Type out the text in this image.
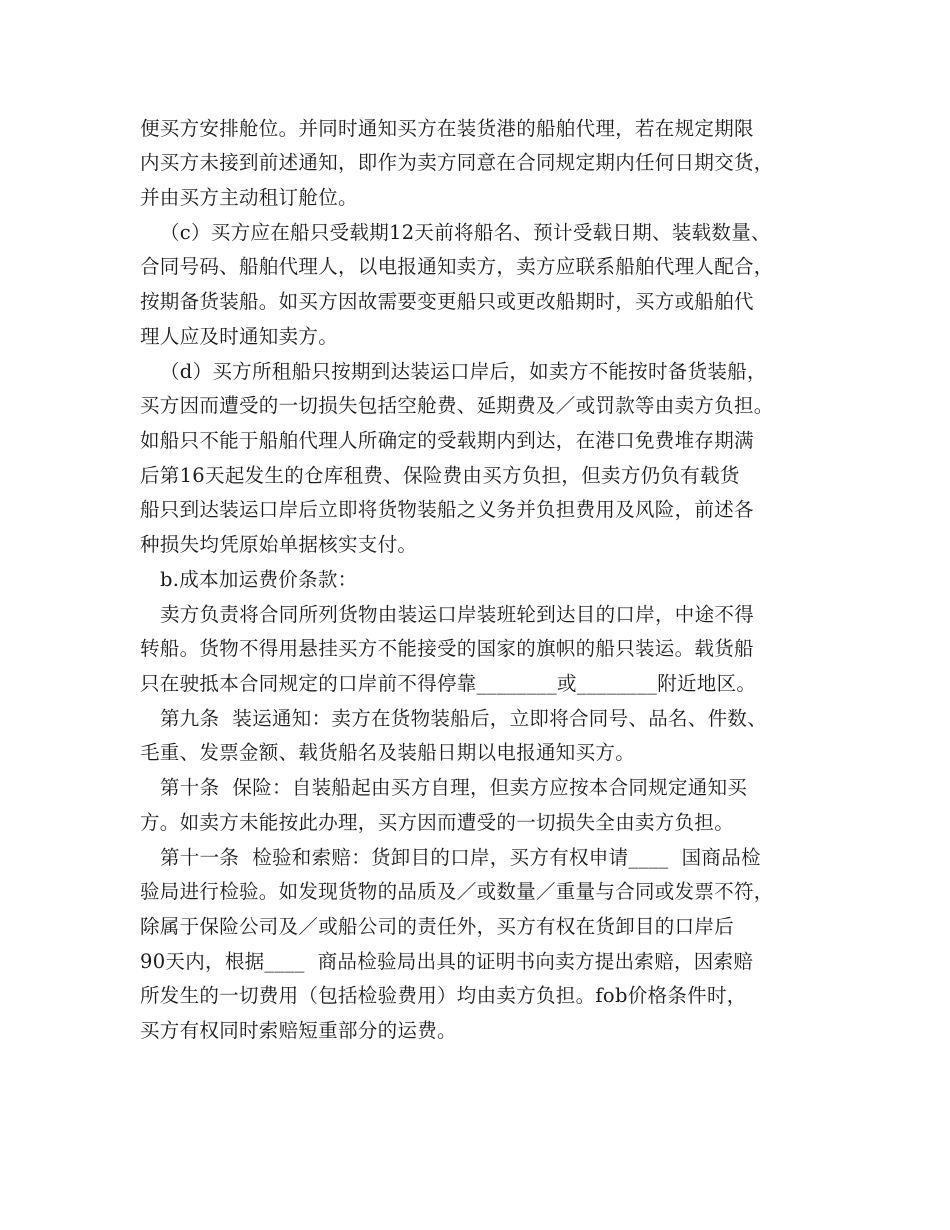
便买方安排舱位。并同时通知买方在装货港的船舶代理，若在规定期限
内买方未接到前述通知，即作为卖方同意在合同规定期内任何日期交货，
并由买方主动租订舱位。
（c）买方应在船只受载期12天前将船名、预计受载日期、装载数量、
合同号码、船舶代理人，以电报通知卖方，卖方应联系船舶代理人配合，
按期备货装船。如买方因故需要变更船只或更改船期时，买方或船舶代
理人应及时通知卖方。
（d）买方所租船只按期到达装运口岸后，如卖方不能按时备货装船，
买方因而遭受的一切损失包括空舱费、延期费及／或罚款等由卖方负担。
如船只不能于船舶代理人所确定的受载期内到达，在港口免费堆存期满
后第16天起发生的仓库租费、保险费由买方负担，但卖方仍负有载货
船只到达装运口岸后立即将货物装船之义务并负担费用及风险，前述各
种损失均凭原始单据核实支付。
b.成本加运费价条款：
卖方负责将合同所列货物由装运口岸装班轮到达目的口岸，中途不得
转船。货物不得用悬挂买方不能接受的国家的旗帜的船只装运。载货船
只在驶抵本合同规定的口岸前不得停靠________或________附近地区。
第九条  装运通知：卖方在货物装船后，立即将合同号、品名、件数、
毛重、发票金额、载货船名及装船日期以电报通知买方。
第十条  保险：自装船起由买方自理，但卖方应按本合同规定通知买
方。如卖方未能按此办理，买方因而遭受的一切损失全由卖方负担。
第十一条  检验和索赔：货卸目的口岸，买方有权申请____  国商品检
验局进行检验。如发现货物的品质及／或数量／重量与合同或发票不符，
除属于保险公司及／或船公司的责任外，买方有权在货卸目的口岸后
90天内，根据____  商品检验局出具的证明书向卖方提出索赔，因索赔
所发生的一切费用（包括检验费用）均由卖方负担。fob价格条件时，
买方有权同时索赔短重部分的运费。
